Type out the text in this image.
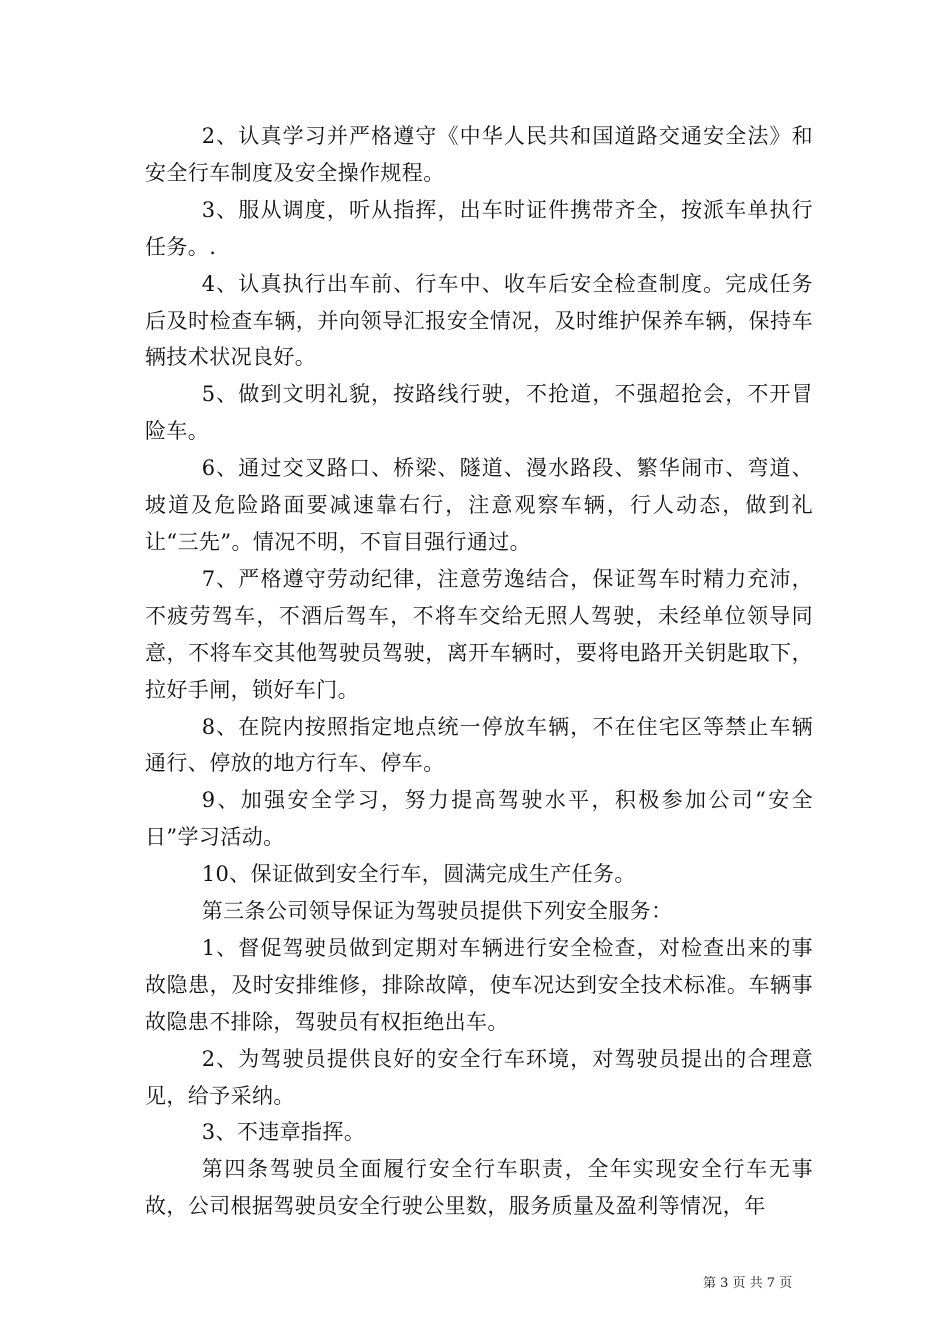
2、认真学习并严格遵守《中华人民共和国道路交通安全法》和安全行车制度及安全操作规程。

3、服从调度，听从指挥，出车时证件携带齐全，按派车单执行任务。.

4、认真执行出车前、行车中、收车后安全检查制度。完成任务后及时检查车辆，并向领导汇报安全情况，及时维护保养车辆，保持车辆技术状况良好。

5、做到文明礼貌，按路线行驶，不抢道，不强超抢会，不开冒险车。

6、通过交叉路口、桥梁、隧道、漫水路段、繁华闹市、弯道、坡道及危险路面要减速靠右行，注意观察车辆，行人动态，做到礼让“三先”。情况不明，不盲目强行通过。

7、严格遵守劳动纪律，注意劳逸结合，保证驾车时精力充沛，不疲劳驾车，不酒后驾车，不将车交给无照人驾驶，未经单位领导同意，不将车交其他驾驶员驾驶，离开车辆时，要将电路开关钥匙取下，拉好手闸，锁好车门。

8、在院内按照指定地点统一停放车辆，不在住宅区等禁止车辆通行、停放的地方行车、停车。

9、加强安全学习，努力提高驾驶水平，积极参加公司“安全日”学习活动。

10、保证做到安全行车，圆满完成生产任务。

第三条公司领导保证为驾驶员提供下列安全服务：

1、督促驾驶员做到定期对车辆进行安全检查，对检查出来的事故隐患，及时安排维修，排除故障，使车况达到安全技术标准。车辆事故隐患不排除，驾驶员有权拒绝出车。

2、为驾驶员提供良好的安全行车环境，对驾驶员提出的合理意见，给予采纳。

3、不违章指挥。

第四条驾驶员全面履行安全行车职责，全年实现安全行车无事故，公司根据驾驶员安全行驶公里数，服务质量及盈利等情况，年

第 3 页 共 7 页
